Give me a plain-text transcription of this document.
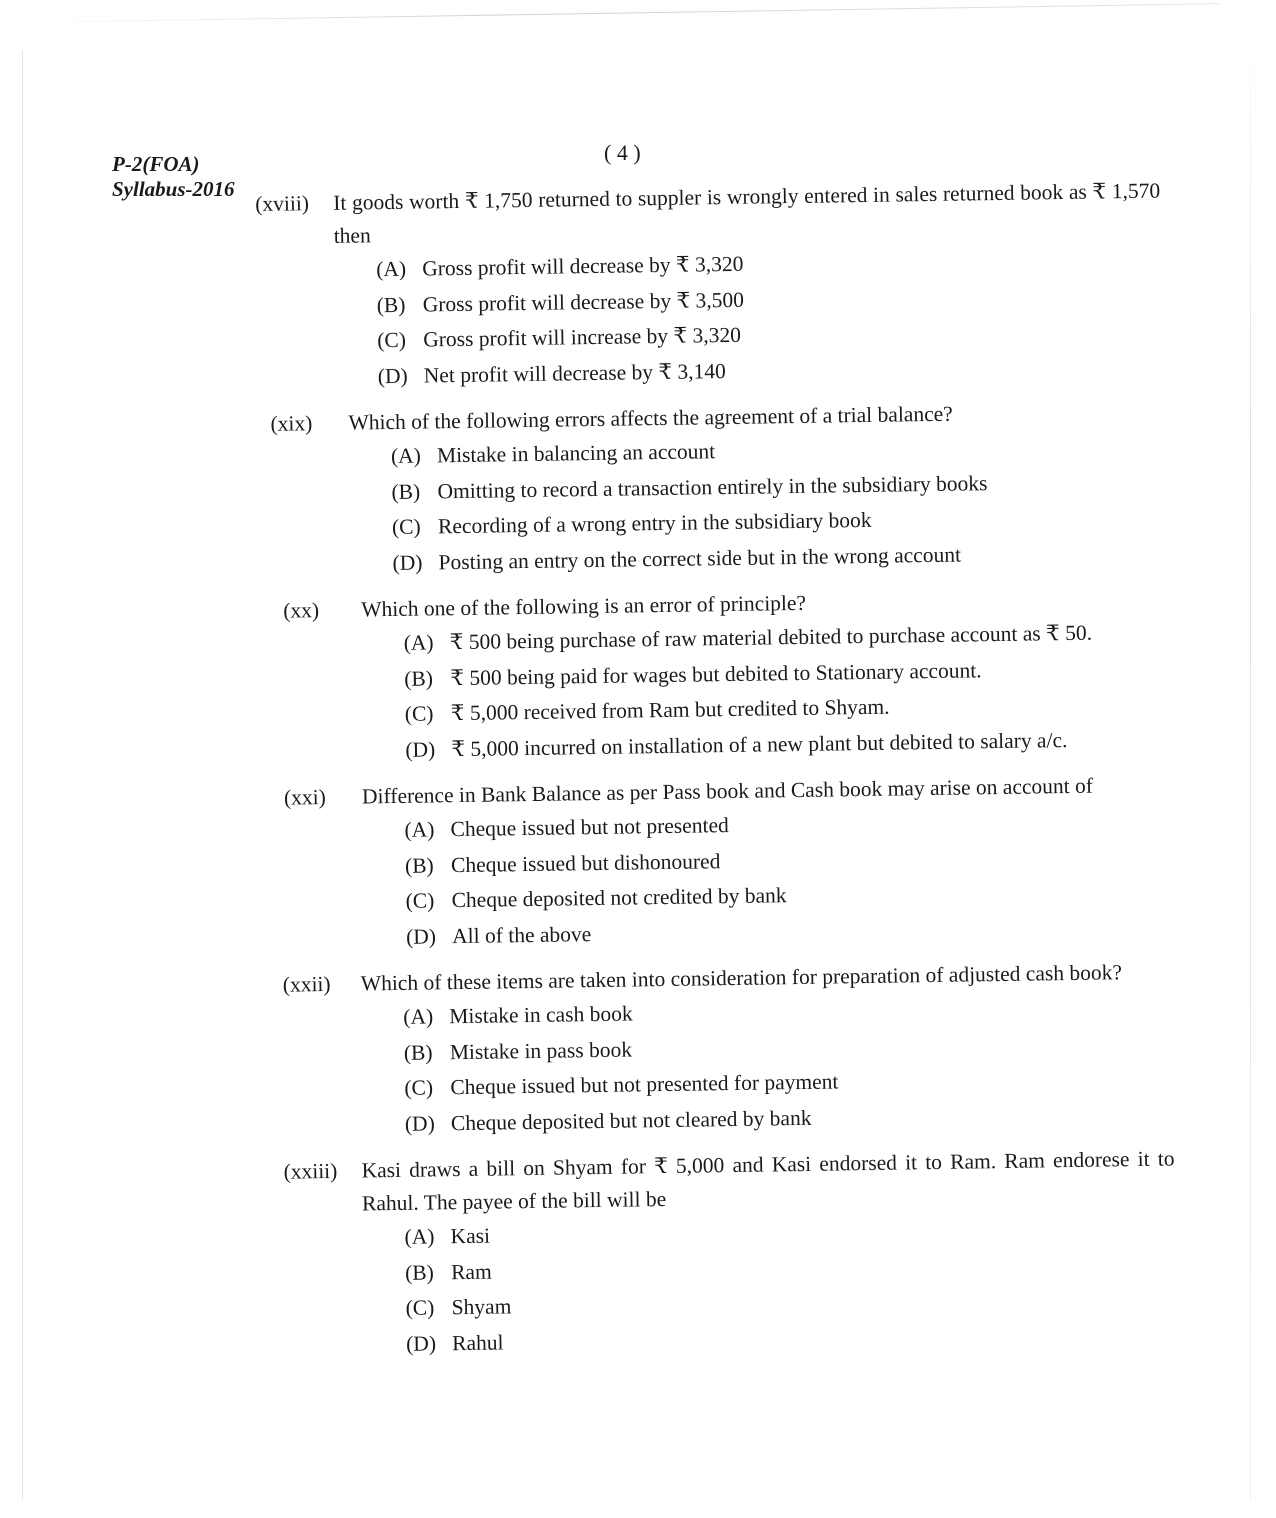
( 4 )
P-2(FOA)
Syllabus-2016
(xviii)	It goods worth ₹ 1,750 returned to suppler is wrongly entered in sales returned book as ₹ 1,570 then
(A) Gross profit will decrease by ₹ 3,320
(B) Gross profit will decrease by ₹ 3,500
(C) Gross profit will increase by ₹ 3,320
(D) Net profit will decrease by ₹ 3,140
(xix)	Which of the following errors affects the agreement of a trial balance?
(A) Mistake in balancing an account
(B) Omitting to record a transaction entirely in the subsidiary books
(C) Recording of a wrong entry in the subsidiary book
(D) Posting an entry on the correct side but in the wrong account
(xx)	Which one of the following is an error of principle?
(A) ₹ 500 being purchase of raw material debited to purchase account as ₹ 50.
(B) ₹ 500 being paid for wages but debited to Stationary account.
(C) ₹ 5,000 received from Ram but credited to Shyam.
(D) ₹ 5,000 incurred on installation of a new plant but debited to salary a/c.
(xxi)	Difference in Bank Balance as per Pass book and Cash book may arise on account of
(A) Cheque issued but not presented
(B) Cheque issued but dishonoured
(C) Cheque deposited not credited by bank
(D) All of the above
(xxii)	Which of these items are taken into consideration for preparation of adjusted cash book?
(A) Mistake in cash book
(B) Mistake in pass book
(C) Cheque issued but not presented for payment
(D) Cheque deposited but not cleared by bank
(xxiii)	Kasi draws a bill on Shyam for ₹ 5,000 and Kasi endorsed it to Ram. Ram endorese it to Rahul. The payee of the bill will be
(A) Kasi
(B) Ram
(C) Shyam
(D) Rahul
